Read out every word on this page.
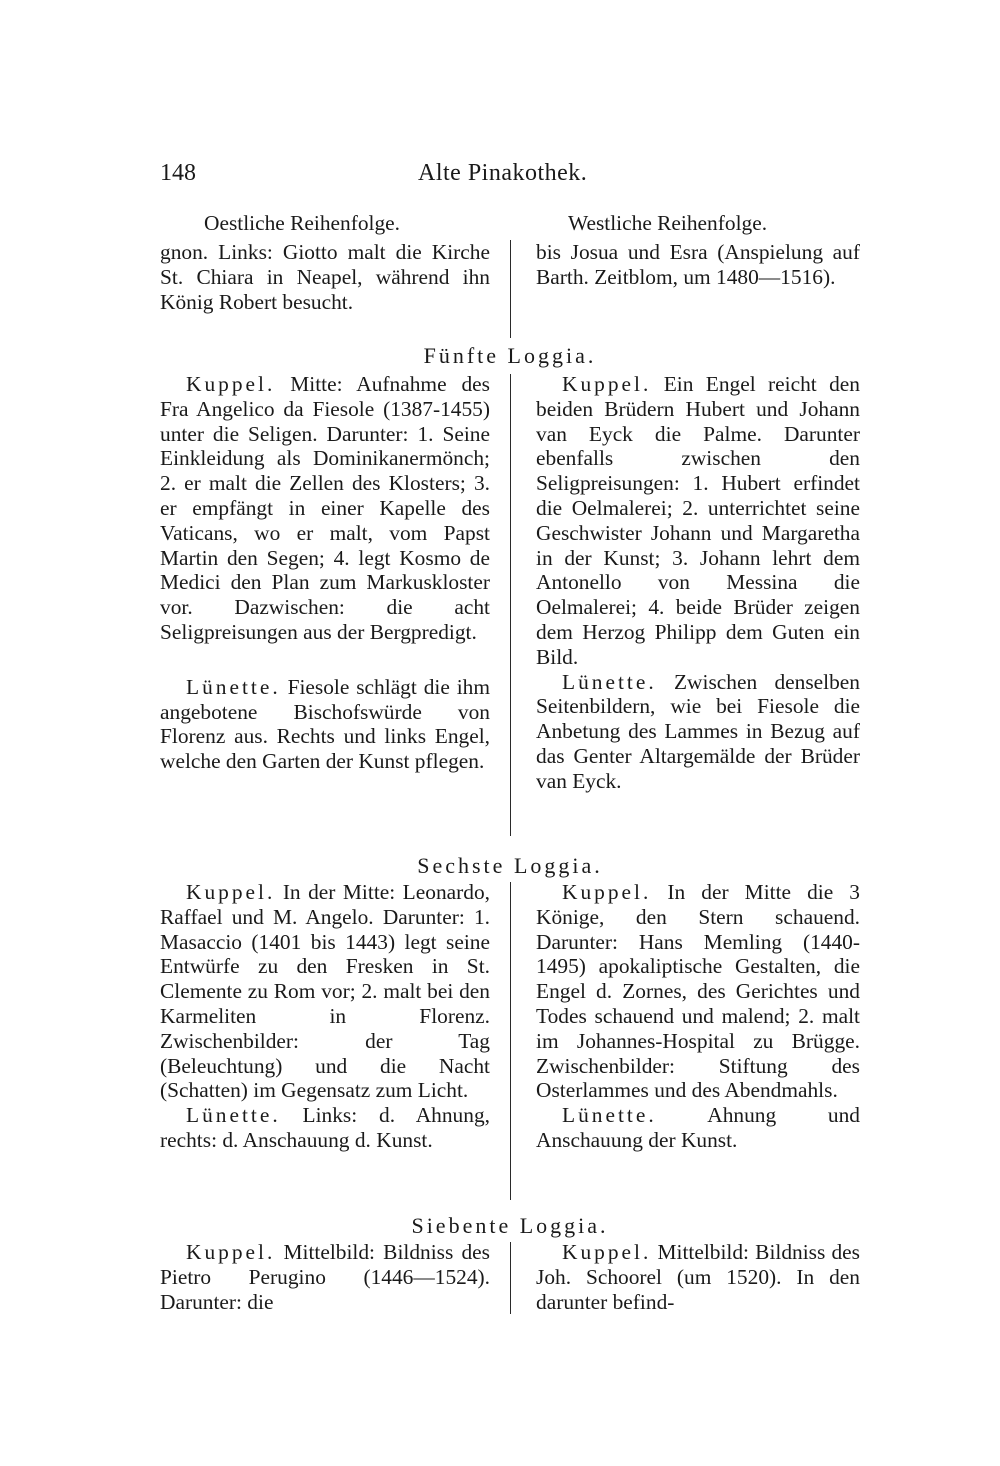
148	Alte Pinakothek.
Oestliche Reihenfolge.	Westliche Reihenfolge.

gnon. Links: Giotto malt die Kirche St. Chiara in Neapel, während ihn König Robert besucht.

bis Josua und Esra (Anspielung auf Barth. Zeitblom, um 1480—1516).

Fünfte Loggia.

Kuppel. Mitte: Aufnahme des Fra Angelico da Fiesole (1387-1455) unter die Seligen. Darunter: 1. Seine Einkleidung als Dominikanermönch; 2. er malt die Zellen des Klosters; 3. er empfängt in einer Kapelle des Vaticans, wo er malt, vom Papst Martin den Segen; 4. legt Kosmo de Medici den Plan zum Markuskloster vor. Dazwischen: die acht Seligpreisungen aus der Bergpredigt.

Lünette. Fiesole schlägt die ihm angebotene Bischofswürde von Florenz aus. Rechts und links Engel, welche den Garten der Kunst pflegen.

Kuppel. Ein Engel reicht den beiden Brüdern Hubert und Johann van Eyck die Palme. Darunter ebenfalls zwischen den Seligpreisungen: 1. Hubert erfindet die Oelmalerei; 2. unterrichtet seine Geschwister Johann und Margaretha in der Kunst; 3. Johann lehrt dem Antonello von Messina die Oelmalerei; 4. beide Brüder zeigen dem Herzog Philipp dem Guten ein Bild.

Lünette. Zwischen denselben Seitenbildern, wie bei Fiesole die Anbetung des Lammes in Bezug auf das Genter Altargemälde der Brüder van Eyck.

Sechste Loggia.

Kuppel. In der Mitte: Leonardo, Raffael und M. Angelo. Darunter: 1. Masaccio (1401 bis 1443) legt seine Entwürfe zu den Fresken in St. Clemente zu Rom vor; 2. malt bei den Karmeliten in Florenz. Zwischenbilder: der Tag (Beleuchtung) und die Nacht (Schatten) im Gegensatz zum Licht.

Lünette. Links: d. Ahnung, rechts: d. Anschauung d. Kunst.

Kuppel. In der Mitte die 3 Könige, den Stern schauend. Darunter: Hans Memling (1440-1495) apokaliptische Gestalten, die Engel d. Zornes, des Gerichtes und Todes schauend und malend; 2. malt im Johannes-Hospital zu Brügge. Zwischenbilder: Stiftung des Osterlammes und des Abendmahls.

Lünette. Ahnung und Anschauung der Kunst.

Siebente Loggia.

Kuppel. Mittelbild: Bildniss des Pietro Perugino (1446—1524). Darunter: die

Kuppel. Mittelbild: Bildniss des Joh. Schoorel (um 1520). In den darunter befind-
